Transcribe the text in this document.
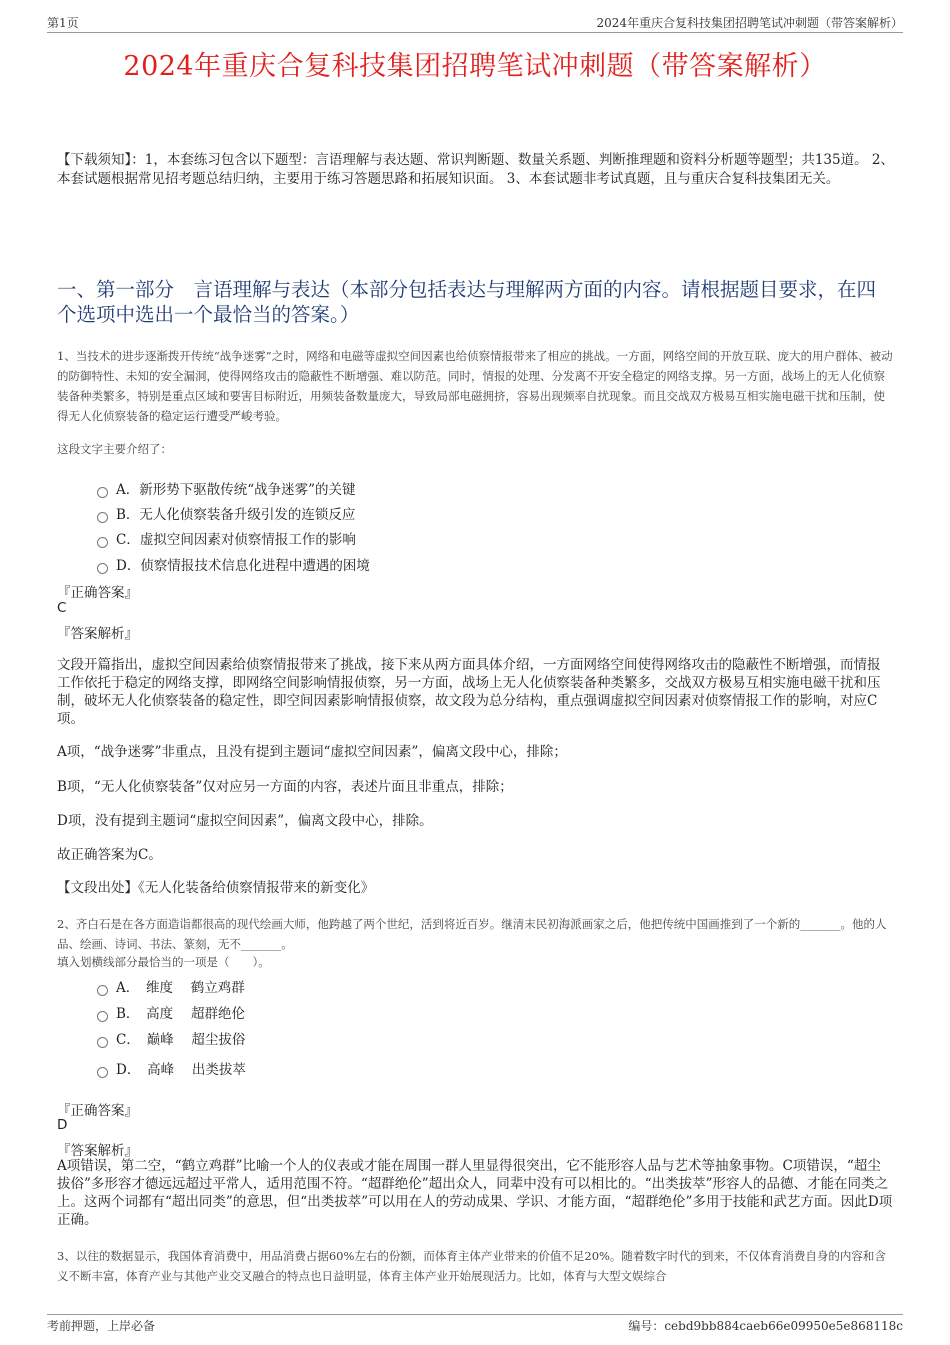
第1页	2024年重庆合复科技集团招聘笔试冲刺题（带答案解析）
2024年重庆合复科技集团招聘笔试冲刺题（带答案解析）
【下载须知】：1，本套练习包含以下题型：言语理解与表达题、常识判断题、数量关系题、判断推理题和资料分析题等题型；共135道。 2、本套试题根据常见招考题总结归纳，主要用于练习答题思路和拓展知识面。 3、本套试题非考试真题，且与重庆合复科技集团无关。
一、第一部分　言语理解与表达（本部分包括表达与理解两方面的内容。请根据题目要求，在四个选项中选出一个最恰当的答案。）
1、当技术的进步逐渐拨开传统“战争迷雾”之时，网络和电磁等虚拟空间因素也给侦察情报带来了相应的挑战。一方面，网络空间的开放互联、庞大的用户群体、被动的防御特性、未知的安全漏洞，使得网络攻击的隐蔽性不断增强、难以防范。同时，情报的处理、分发离不开安全稳定的网络支撑。另一方面，战场上的无人化侦察装备种类繁多，特别是重点区域和要害目标附近，用频装备数量庞大，导致局部电磁拥挤，容易出现频率自扰现象。而且交战双方极易互相实施电磁干扰和压制，使得无人化侦察装备的稳定运行遭受严峻考验。
这段文字主要介绍了：
A．新形势下驱散传统“战争迷雾”的关键
B．无人化侦察装备升级引发的连锁反应
C．虚拟空间因素对侦察情报工作的影响
D．侦察情报技术信息化进程中遭遇的困境
『正确答案』
C
『答案解析』
文段开篇指出，虚拟空间因素给侦察情报带来了挑战，接下来从两方面具体介绍，一方面网络空间使得网络攻击的隐蔽性不断增强，而情报工作依托于稳定的网络支撑，即网络空间影响情报侦察，另一方面，战场上无人化侦察装备种类繁多，交战双方极易互相实施电磁干扰和压制，破坏无人化侦察装备的稳定性，即空间因素影响情报侦察，故文段为总分结构，重点强调虚拟空间因素对侦察情报工作的影响，对应C项。
A项，“战争迷雾”非重点，且没有提到主题词“虚拟空间因素”，偏离文段中心，排除；
B项，“无人化侦察装备”仅对应另一方面的内容，表述片面且非重点，排除；
D项，没有提到主题词“虚拟空间因素”，偏离文段中心，排除。
故正确答案为C。
【文段出处】《无人化装备给侦察情报带来的新变化》
2、齐白石是在各方面造诣都很高的现代绘画大师，他跨越了两个世纪，活到将近百岁。继清末民初海派画家之后，他把传统中国画推到了一个新的_______。他的人品、绘画、诗词、书法、篆刻，无不_______。
填入划横线部分最恰当的一项是（　　）。
A．　维度　 鹤立鸡群
B．　高度　 超群绝伦
C．　巅峰　 超尘拔俗
D．　高峰　 出类拔萃
『正确答案』
D
『答案解析』
A项错误，第二空，“鹤立鸡群”比喻一个人的仪表或才能在周围一群人里显得很突出，它不能形容人品与艺术等抽象事物。C项错误，“超尘拔俗”多形容才德远远超过平常人，适用范围不符。“超群绝伦”超出众人，同辈中没有可以相比的。“出类拔萃”形容人的品德、才能在同类之上。这两个词都有“超出同类”的意思，但“出类拔萃”可以用在人的劳动成果、学识、才能方面，“超群绝伦”多用于技能和武艺方面。因此D项正确。
3、以往的数据显示，我国体育消费中，用品消费占据60%左右的份额，而体育主体产业带来的价值不足20%。随着数字时代的到来，不仅体育消费自身的内容和含义不断丰富，体育产业与其他产业交叉融合的特点也日益明显，体育主体产业开始展现活力。比如，体育与大型文娱综合
考前押题，上岸必备	编号：cebd9bb884caeb66e09950e5e868118c
